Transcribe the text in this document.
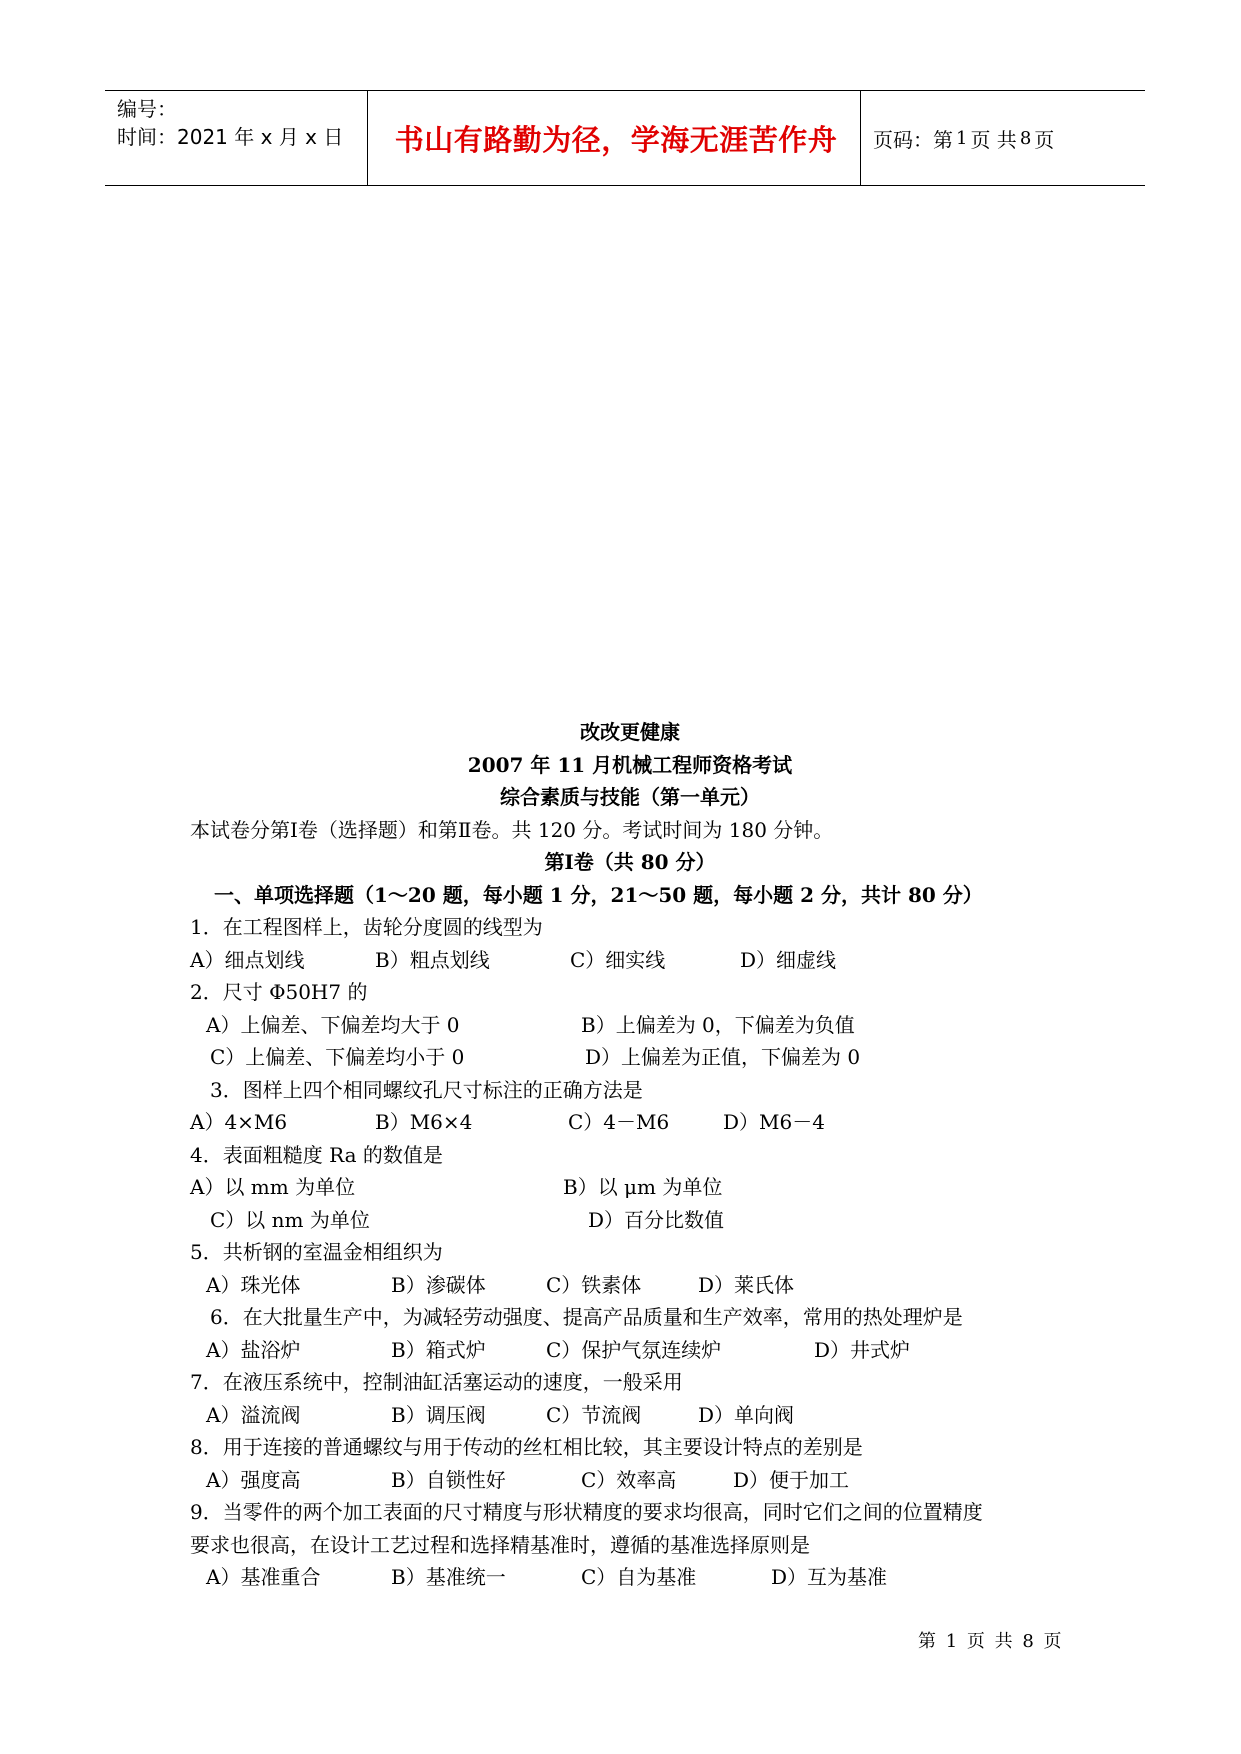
编号：
时间：2021 年 x 月 x 日	书山有路勤为径，学海无涯苦作舟	页码：第 1 页 共 8 页
改改更健康
2007 年 11 月机械工程师资格考试
综合素质与技能（第一单元）
本试卷分第Ⅰ卷（选择题）和第Ⅱ卷。共 120 分。考试时间为 180 分钟。
第Ⅰ卷（共 80 分）
一、单项选择题（1～20 题，每小题 1 分，21～50 题，每小题 2 分，共计 80 分）
1．在工程图样上，齿轮分度圆的线型为
A）细点划线	B）粗点划线	C）细实线	D）细虚线
2．尺寸 Φ50H7 的
A）上偏差、下偏差均大于 0	B）上偏差为 0，下偏差为负值
C）上偏差、下偏差均小于 0	D）上偏差为正值，下偏差为 0
3．图样上四个相同螺纹孔尺寸标注的正确方法是
A）4×M6	B）M6×4	C）4－M6	D）M6－4
4．表面粗糙度 Ra 的数值是
A）以 mm 为单位	B）以 μm 为单位
C）以 nm 为单位	D）百分比数值
5．共析钢的室温金相组织为
A）珠光体	B）渗碳体	C）铁素体	D）莱氏体
6．在大批量生产中，为减轻劳动强度、提高产品质量和生产效率，常用的热处理炉是
A）盐浴炉	B）箱式炉	C）保护气氛连续炉	D）井式炉
7．在液压系统中，控制油缸活塞运动的速度，一般采用
A）溢流阀	B）调压阀	C）节流阀	D）单向阀
8．用于连接的普通螺纹与用于传动的丝杠相比较，其主要设计特点的差别是
A）强度高	B）自锁性好	C）效率高	D）便于加工
9．当零件的两个加工表面的尺寸精度与形状精度的要求均很高，同时它们之间的位置精度
要求也很高，在设计工艺过程和选择精基准时，遵循的基准选择原则是
A）基准重合	B）基准统一	C）自为基准	D）互为基准
第 1 页 共 8 页
